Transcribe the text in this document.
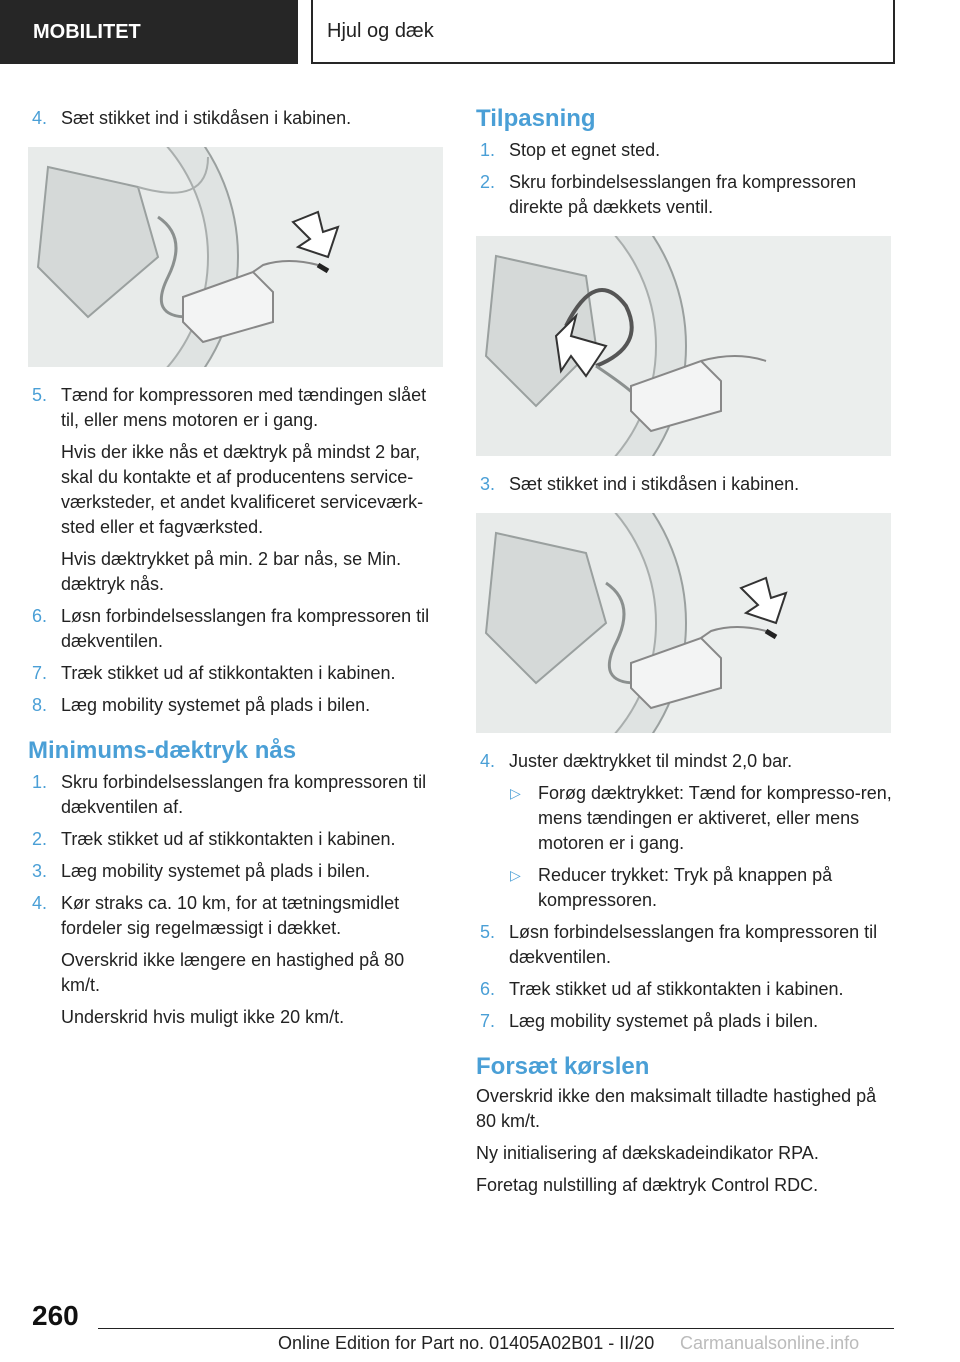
MOBILITET	Hjul og dæk
4. Sæt stikket ind i stikdåsen i kabinen.
5. Tænd for kompressoren med tændingen slået til, eller mens motoren er i gang.
Hvis der ikke nås et dæktryk på mindst 2 bar, skal du kontakte et af producentens service-værksteder, et andet kvalificeret serviceværk-sted eller et fagværksted.
Hvis dæktrykket på min. 2 bar nås, se Min. dæktryk nås.
6. Løsn forbindelsesslangen fra kompressoren til dækventilen.
7. Træk stikket ud af stikkontakten i kabinen.
8. Læg mobility systemet på plads i bilen.
Minimums-dæktryk nås
1. Skru forbindelsesslangen fra kompressoren til dækventilen af.
2. Træk stikket ud af stikkontakten i kabinen.
3. Læg mobility systemet på plads i bilen.
4. Kør straks ca. 10 km, for at tætningsmidlet fordeler sig regelmæssigt i dækket.
Overskrid ikke længere en hastighed på 80 km/t.
Underskrid hvis muligt ikke 20 km/t.
Tilpasning
1. Stop et egnet sted.
2. Skru forbindelsesslangen fra kompressoren direkte på dækkets ventil.
3. Sæt stikket ind i stikdåsen i kabinen.
4. Juster dæktrykket til mindst 2,0 bar.
▷ Forøg dæktrykket: Tænd for kompresso-ren, mens tændingen er aktiveret, eller mens motoren er i gang.
▷ Reducer trykket: Tryk på knappen på kompressoren.
5. Løsn forbindelsesslangen fra kompressoren til dækventilen.
6. Træk stikket ud af stikkontakten i kabinen.
7. Læg mobility systemet på plads i bilen.
Forsæt kørslen
Overskrid ikke den maksimalt tilladte hastighed på 80 km/t.
Ny initialisering af dækskadeindikator RPA.
Foretag nulstilling af dæktryk Control RDC.
260
Online Edition for Part no. 01405A02B01 - II/20 Carmanualsonline.info
